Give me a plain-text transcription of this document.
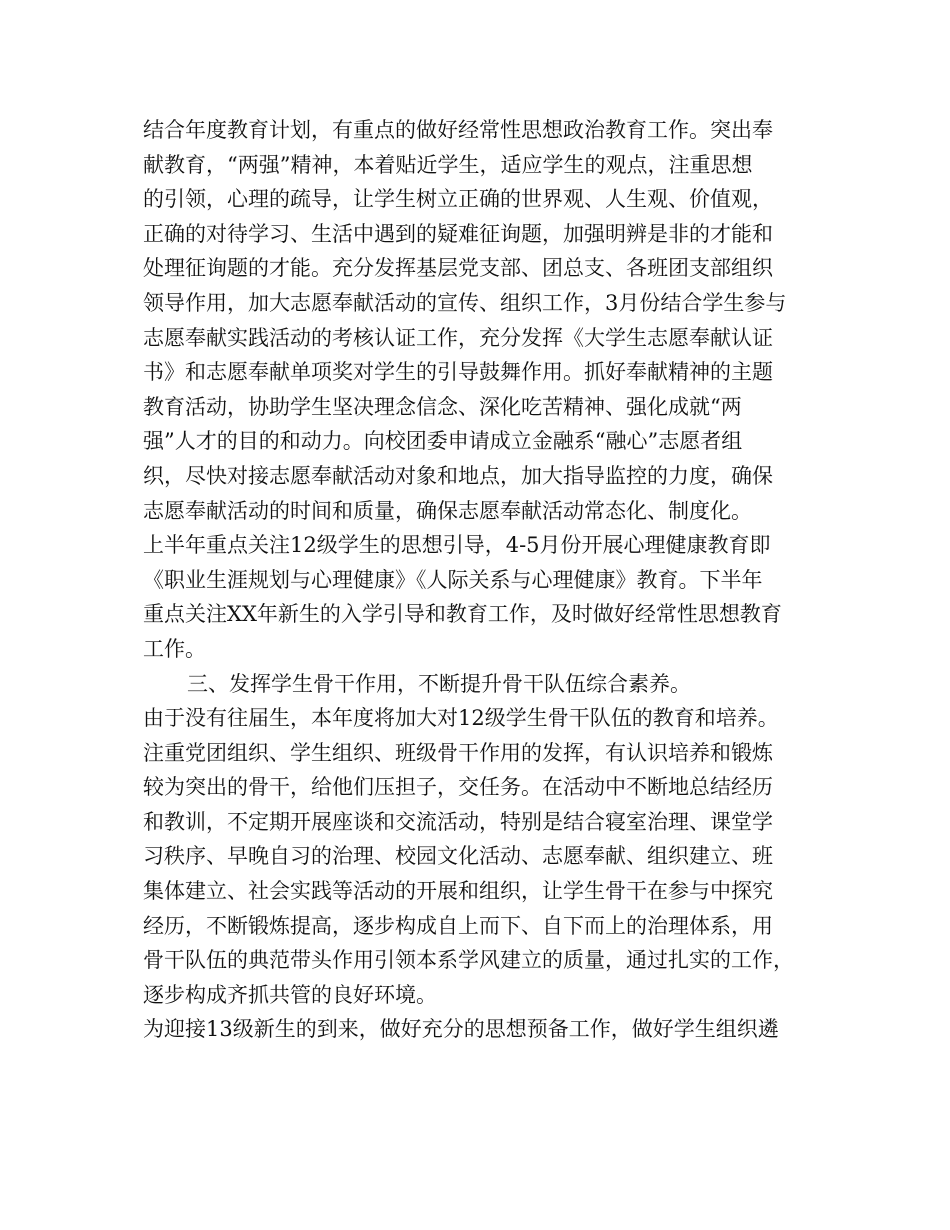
结合年度教育计划，有重点的做好经常性思想政治教育工作。突出奉
献教育，“两强”精神，本着贴近学生，适应学生的观点，注重思想
的引领，心理的疏导，让学生树立正确的世界观、人生观、价值观，
正确的对待学习、生活中遇到的疑难征询题，加强明辨是非的才能和
处理征询题的才能。充分发挥基层党支部、团总支、各班团支部组织
领导作用，加大志愿奉献活动的宣传、组织工作，3月份结合学生参与
志愿奉献实践活动的考核认证工作，充分发挥《大学生志愿奉献认证
书》和志愿奉献单项奖对学生的引导鼓舞作用。抓好奉献精神的主题
教育活动，协助学生坚决理念信念、深化吃苦精神、强化成就“两
强”人才的目的和动力。向校团委申请成立金融系“融心”志愿者组
织，尽快对接志愿奉献活动对象和地点，加大指导监控的力度，确保
志愿奉献活动的时间和质量，确保志愿奉献活动常态化、制度化。
上半年重点关注12级学生的思想引导，4-5月份开展心理健康教育即
《职业生涯规划与心理健康》《人际关系与心理健康》教育。下半年
重点关注XX年新生的入学引导和教育工作，及时做好经常性思想教育
工作。
三、发挥学生骨干作用，不断提升骨干队伍综合素养。
由于没有往届生，本年度将加大对12级学生骨干队伍的教育和培养。
注重党团组织、学生组织、班级骨干作用的发挥，有认识培养和锻炼
较为突出的骨干，给他们压担子，交任务。在活动中不断地总结经历
和教训，不定期开展座谈和交流活动，特别是结合寝室治理、课堂学
习秩序、早晚自习的治理、校园文化活动、志愿奉献、组织建立、班
集体建立、社会实践等活动的开展和组织，让学生骨干在参与中探究
经历，不断锻炼提高，逐步构成自上而下、自下而上的治理体系，用
骨干队伍的典范带头作用引领本系学风建立的质量，通过扎实的工作，
逐步构成齐抓共管的良好环境。
为迎接13级新生的到来，做好充分的思想预备工作，做好学生组织遴
